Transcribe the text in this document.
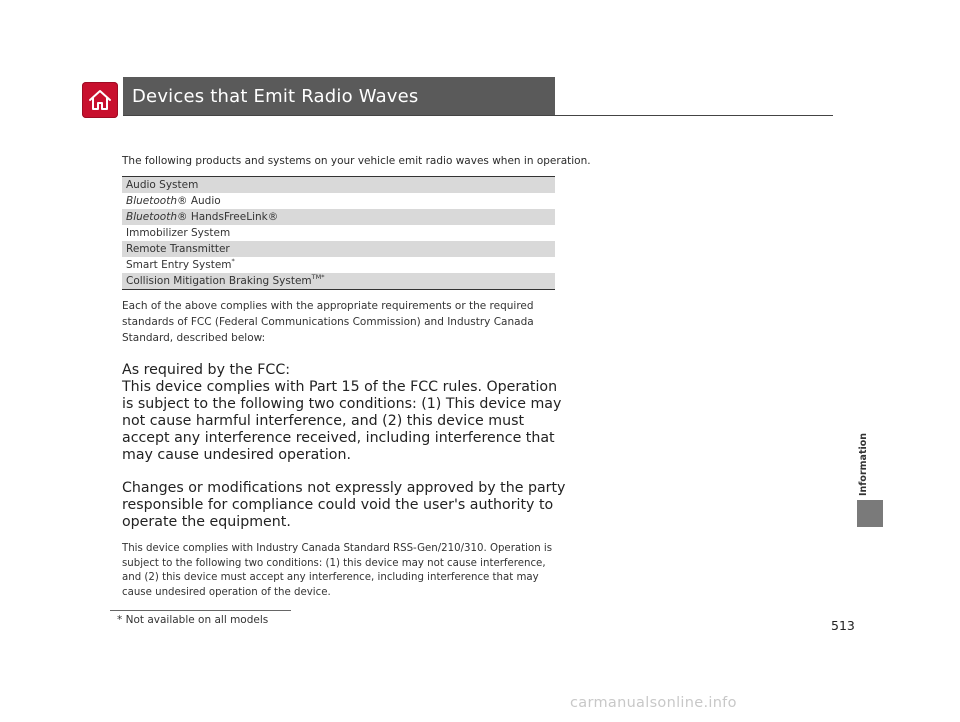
Devices that Emit Radio Waves
The following products and systems on your vehicle emit radio waves when in operation.
Audio System
Bluetooth® Audio
Bluetooth® HandsFreeLink®
Immobilizer System
Remote Transmitter
Smart Entry System*
Collision Mitigation Braking System$^{TM*}$
Each of the above complies with the appropriate requirements or the required standards of FCC (Federal Communications Commission) and Industry Canada Standard, described below:
As required by the FCC:
This device complies with Part 15 of the FCC rules. Operation is subject to the following two conditions: (1) This device may not cause harmful interference, and (2) this device must accept any interference received, including interference that may cause undesired operation.
Changes or modifications not expressly approved by the party responsible for compliance could void the user's authority to operate the equipment.
This device complies with Industry Canada Standard RSS-Gen/210/310. Operation is subject to the following two conditions: (1) this device may not cause interference, and (2) this device must accept any interference, including interference that may cause undesired operation of the device.
* Not available on all models	513
Information
carmanualsonline.info
